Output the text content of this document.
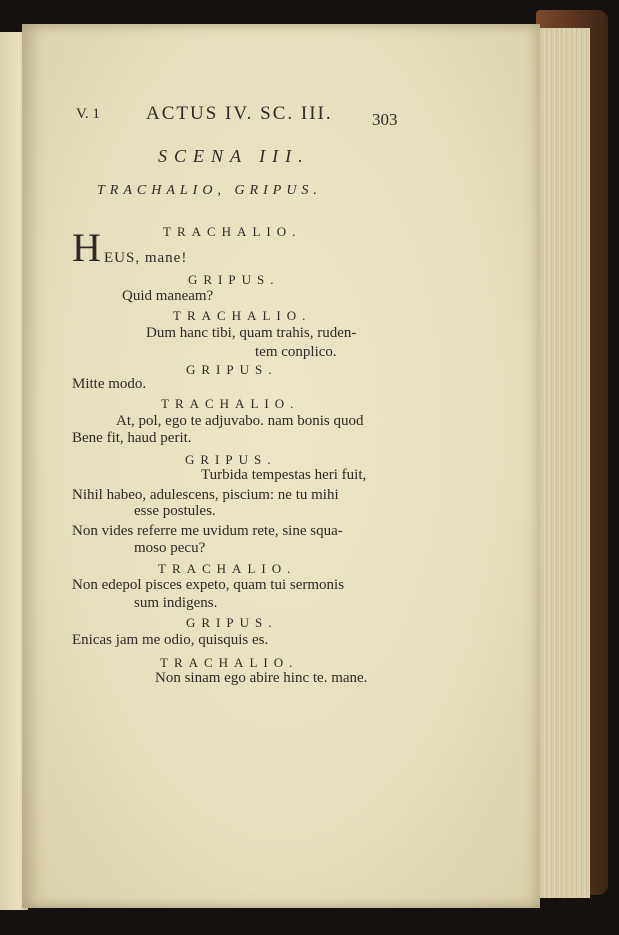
V. 1 ACTUS IV. SC. III. 303
SCENA III.
TRACHALIO, GRIPUS.
TRACHALIO.
H EUS, mane!
GRIPUS.
Quid maneam?
TRACHALIO.
Dum hanc tibi, quam trahis, ruden-
tem conplico.
GRIPUS.
Mitte modo.
TRACHALIO.
At, pol, ego te adjuvabo. nam bonis quod
Bene fit, haud perit.
GRIPUS.
Turbida tempestas heri fuit,
Nihil habeo, adulescens, piscium: ne tu mihi
esse postules.
Non vides referre me uvidum rete, sine squa-
moso pecu?
TRACHALIO.
Non edepol pisces expeto, quam tui sermonis
sum indigens.
GRIPUS.
Enicas jam me odio, quisquis es.
TRACHALIO.
Non sinam ego abire hinc te. mane.
